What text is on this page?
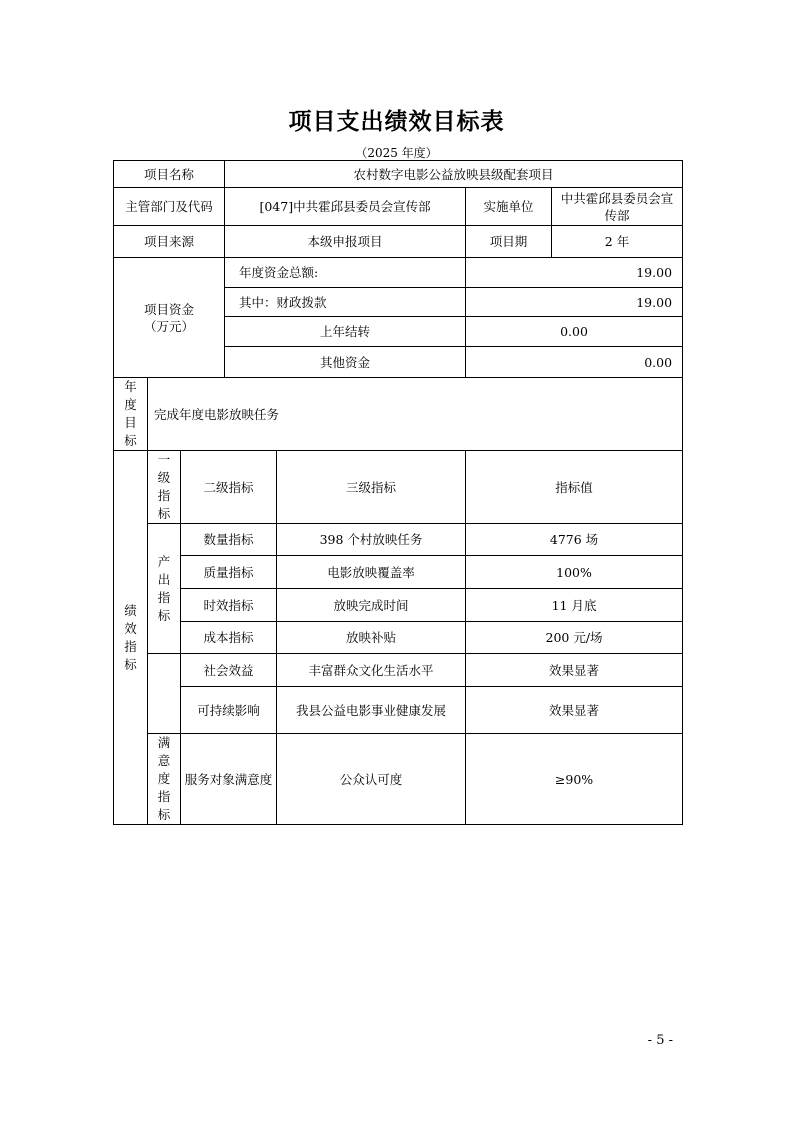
项目支出绩效目标表
（2025 年度）
项目名称			农村数字电影公益放映县级配套项目			
主管部门及代码			[047]中共霍邱县委员会宣传部		实施单位	中共霍邱县委员会宣传部
项目来源			本级申报项目		项目期	2 年

项目资金
（万元）			年度资金总额:		19.00	
			其中：财政拨款		19.00	
			上年结转		0.00	
			其他资金		0.00	

年
度
目
标	完成年度电影放映任务					

绩
效
指
标	一
级
指
标	二级指标		三级指标	指标值	

	产
出
指
标	数量指标		398 个村放映任务	4776 场	
		质量指标		电影放映覆盖率	100%	
		时效指标		放映完成时间	11 月底	
		成本指标		放映补贴	200 元/场	
		社会效益		丰富群众文化生活水平	效果显著	
		可持续影响		我县公益电影事业健康发展	效果显著	

	满
意
度
指
标	服务对象满意度		公众认可度	≥90%	
- 5 -
